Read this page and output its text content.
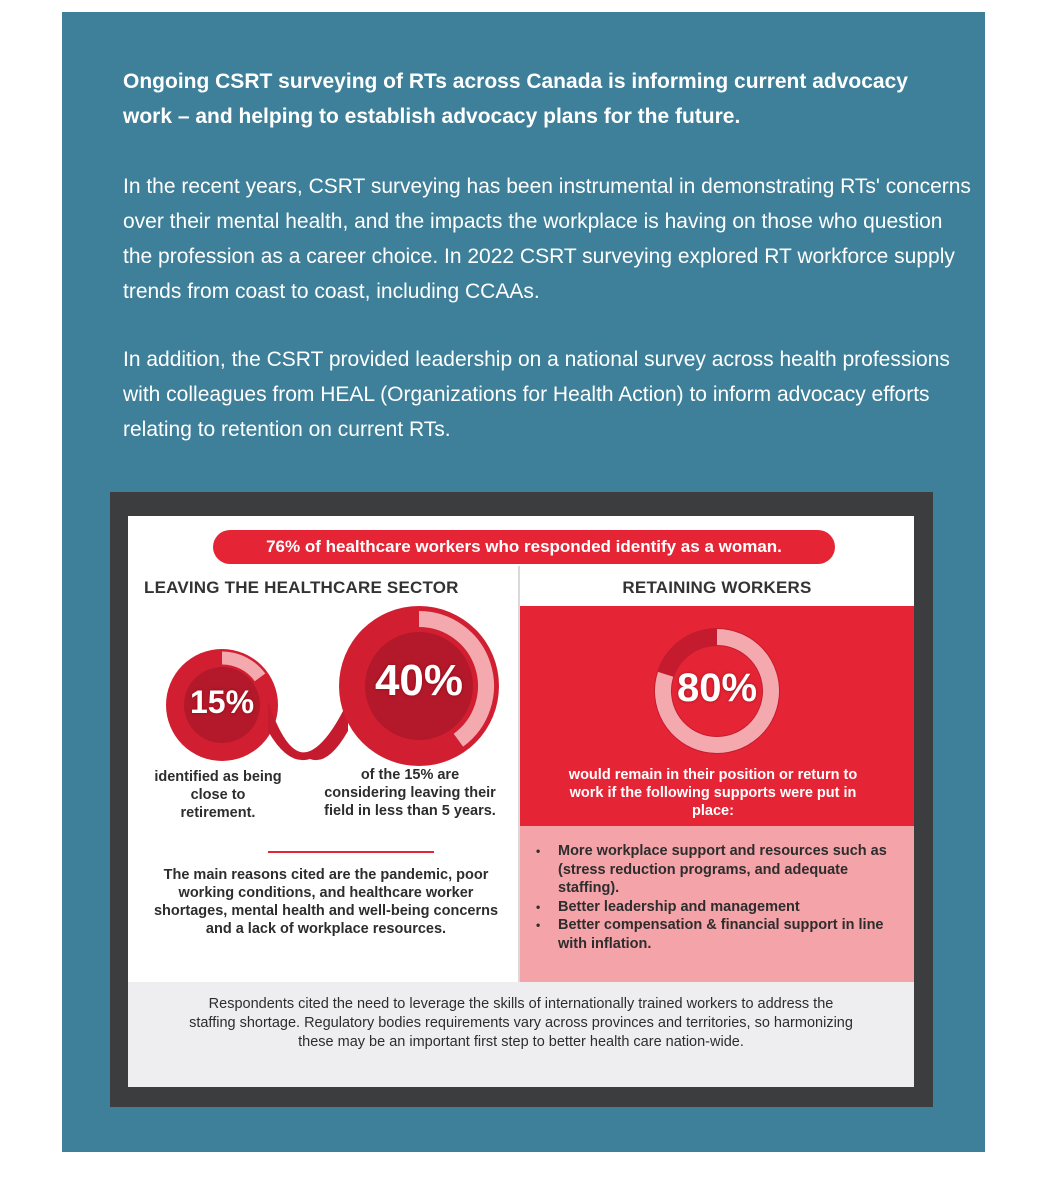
Ongoing CSRT surveying of RTs across Canada is informing current advocacy work – and helping to establish advocacy plans for the future.

In the recent years, CSRT surveying has been instrumental in demonstrating RTs' concerns over their mental health, and the impacts the workplace is having on those who question the profession as a career choice. In 2022 CSRT surveying explored RT workforce supply trends from coast to coast, including CCAAs.

In addition, the CSRT provided leadership on a national survey across health professions with colleagues from HEAL (Organizations for Health Action) to inform advocacy efforts relating to retention on current RTs.

76% of healthcare workers who responded identify as a woman.
LEAVING THE HEALTHCARE SECTOR	RETAINING WORKERS
15%	40%	80%
identified as being close to retirement.
of the 15% are considering leaving their field in less than 5 years.
would remain in their position or return to work if the following supports were put in place:
The main reasons cited are the pandemic, poor working conditions, and healthcare worker shortages, mental health and well-being concerns and a lack of workplace resources.
• More workplace support and resources such as (stress reduction programs, and adequate staffing).
• Better leadership and management
• Better compensation & financial support in line with inflation.
Respondents cited the need to leverage the skills of internationally trained workers to address the staffing shortage. Regulatory bodies requirements vary across provinces and territories, so harmonizing these may be an important first step to better health care nation-wide.
